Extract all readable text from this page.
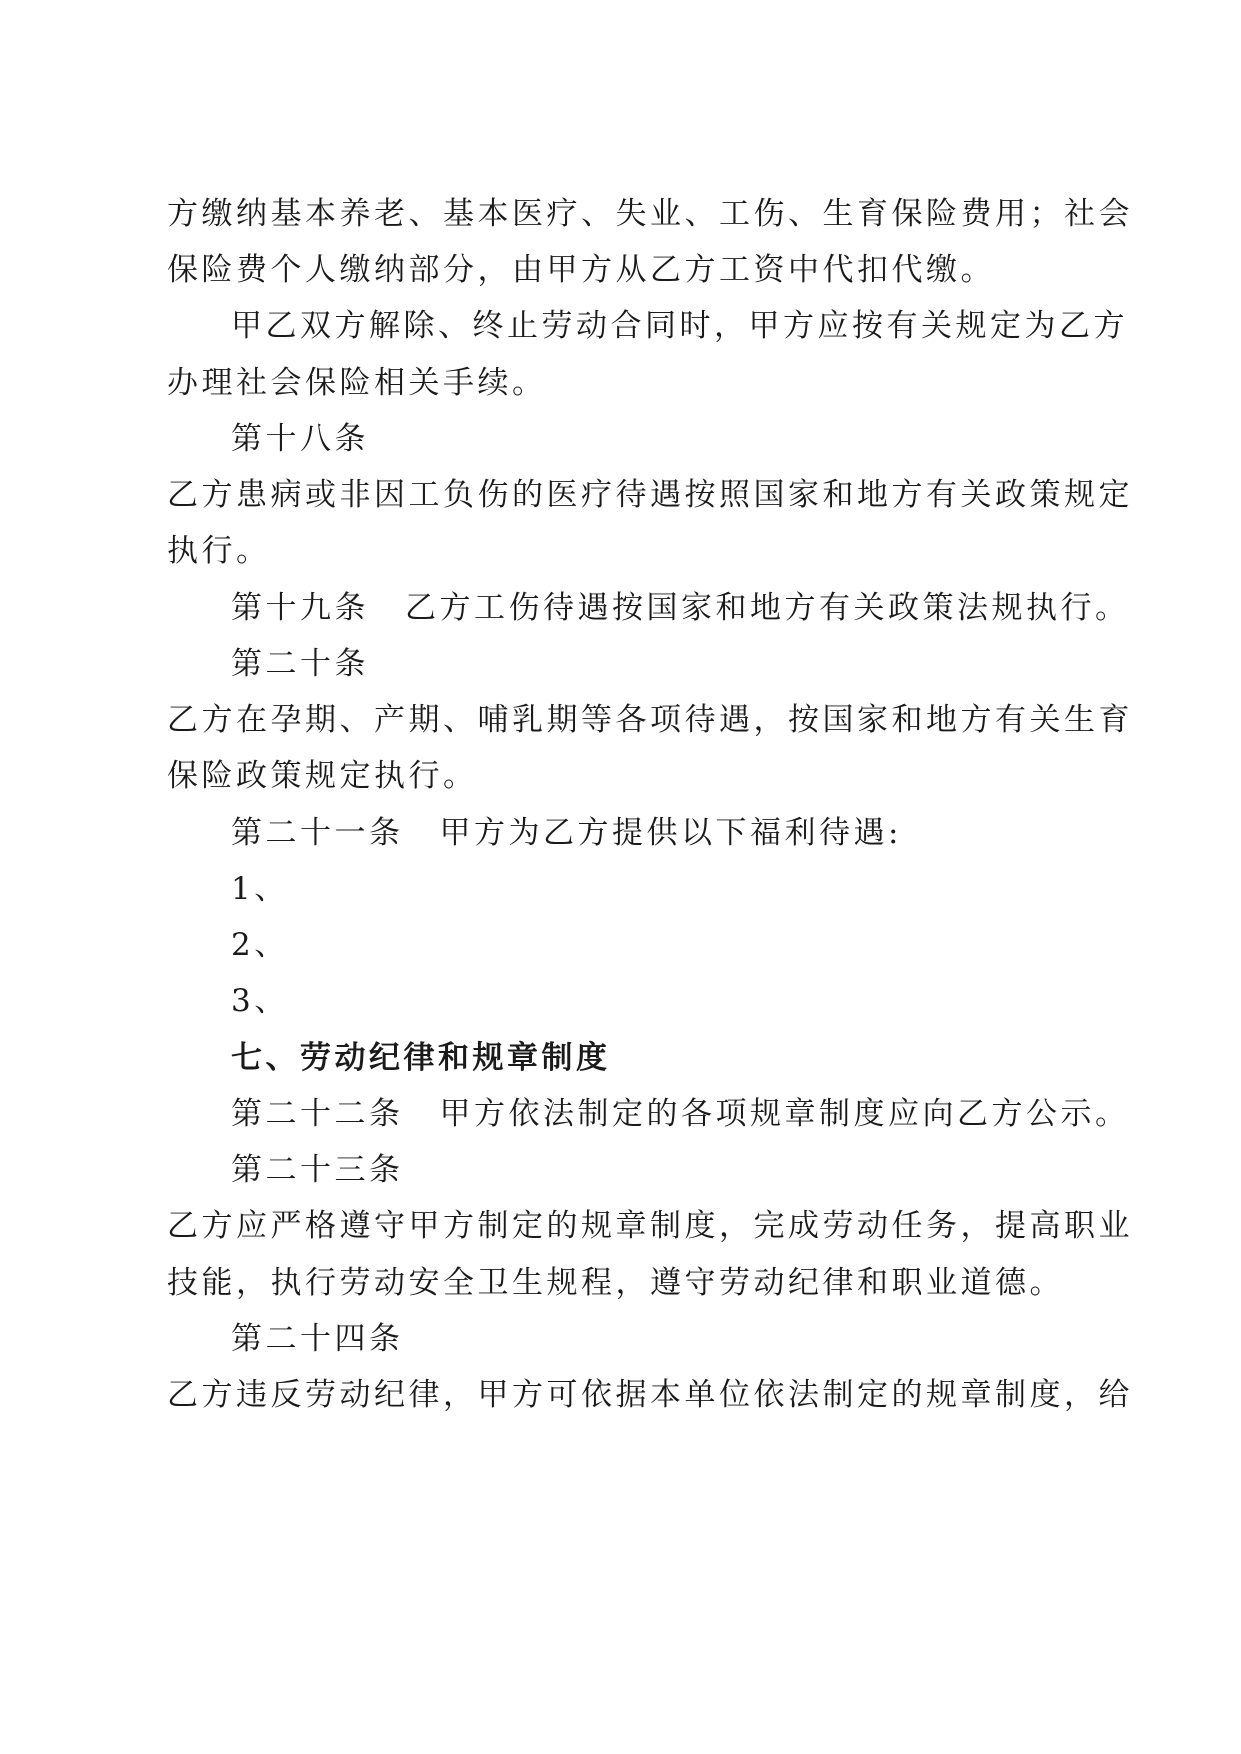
方缴纳基本养老、基本医疗、失业、工伤、生育保险费用；社会
保险费个人缴纳部分，由甲方从乙方工资中代扣代缴。
甲乙双方解除、终止劳动合同时，甲方应按有关规定为乙方
办理社会保险相关手续。
第十八条
乙方患病或非因工负伤的医疗待遇按照国家和地方有关政策规定
执行。
第十九条 乙方工伤待遇按国家和地方有关政策法规执行。
第二十条
乙方在孕期、产期、哺乳期等各项待遇，按国家和地方有关生育
保险政策规定执行。
第二十一条 甲方为乙方提供以下福利待遇:
1、
2、
3、
七、劳动纪律和规章制度
第二十二条 甲方依法制定的各项规章制度应向乙方公示。
第二十三条
乙方应严格遵守甲方制定的规章制度，完成劳动任务，提高职业
技能，执行劳动安全卫生规程，遵守劳动纪律和职业道德。
第二十四条
乙方违反劳动纪律，甲方可依据本单位依法制定的规章制度，给
